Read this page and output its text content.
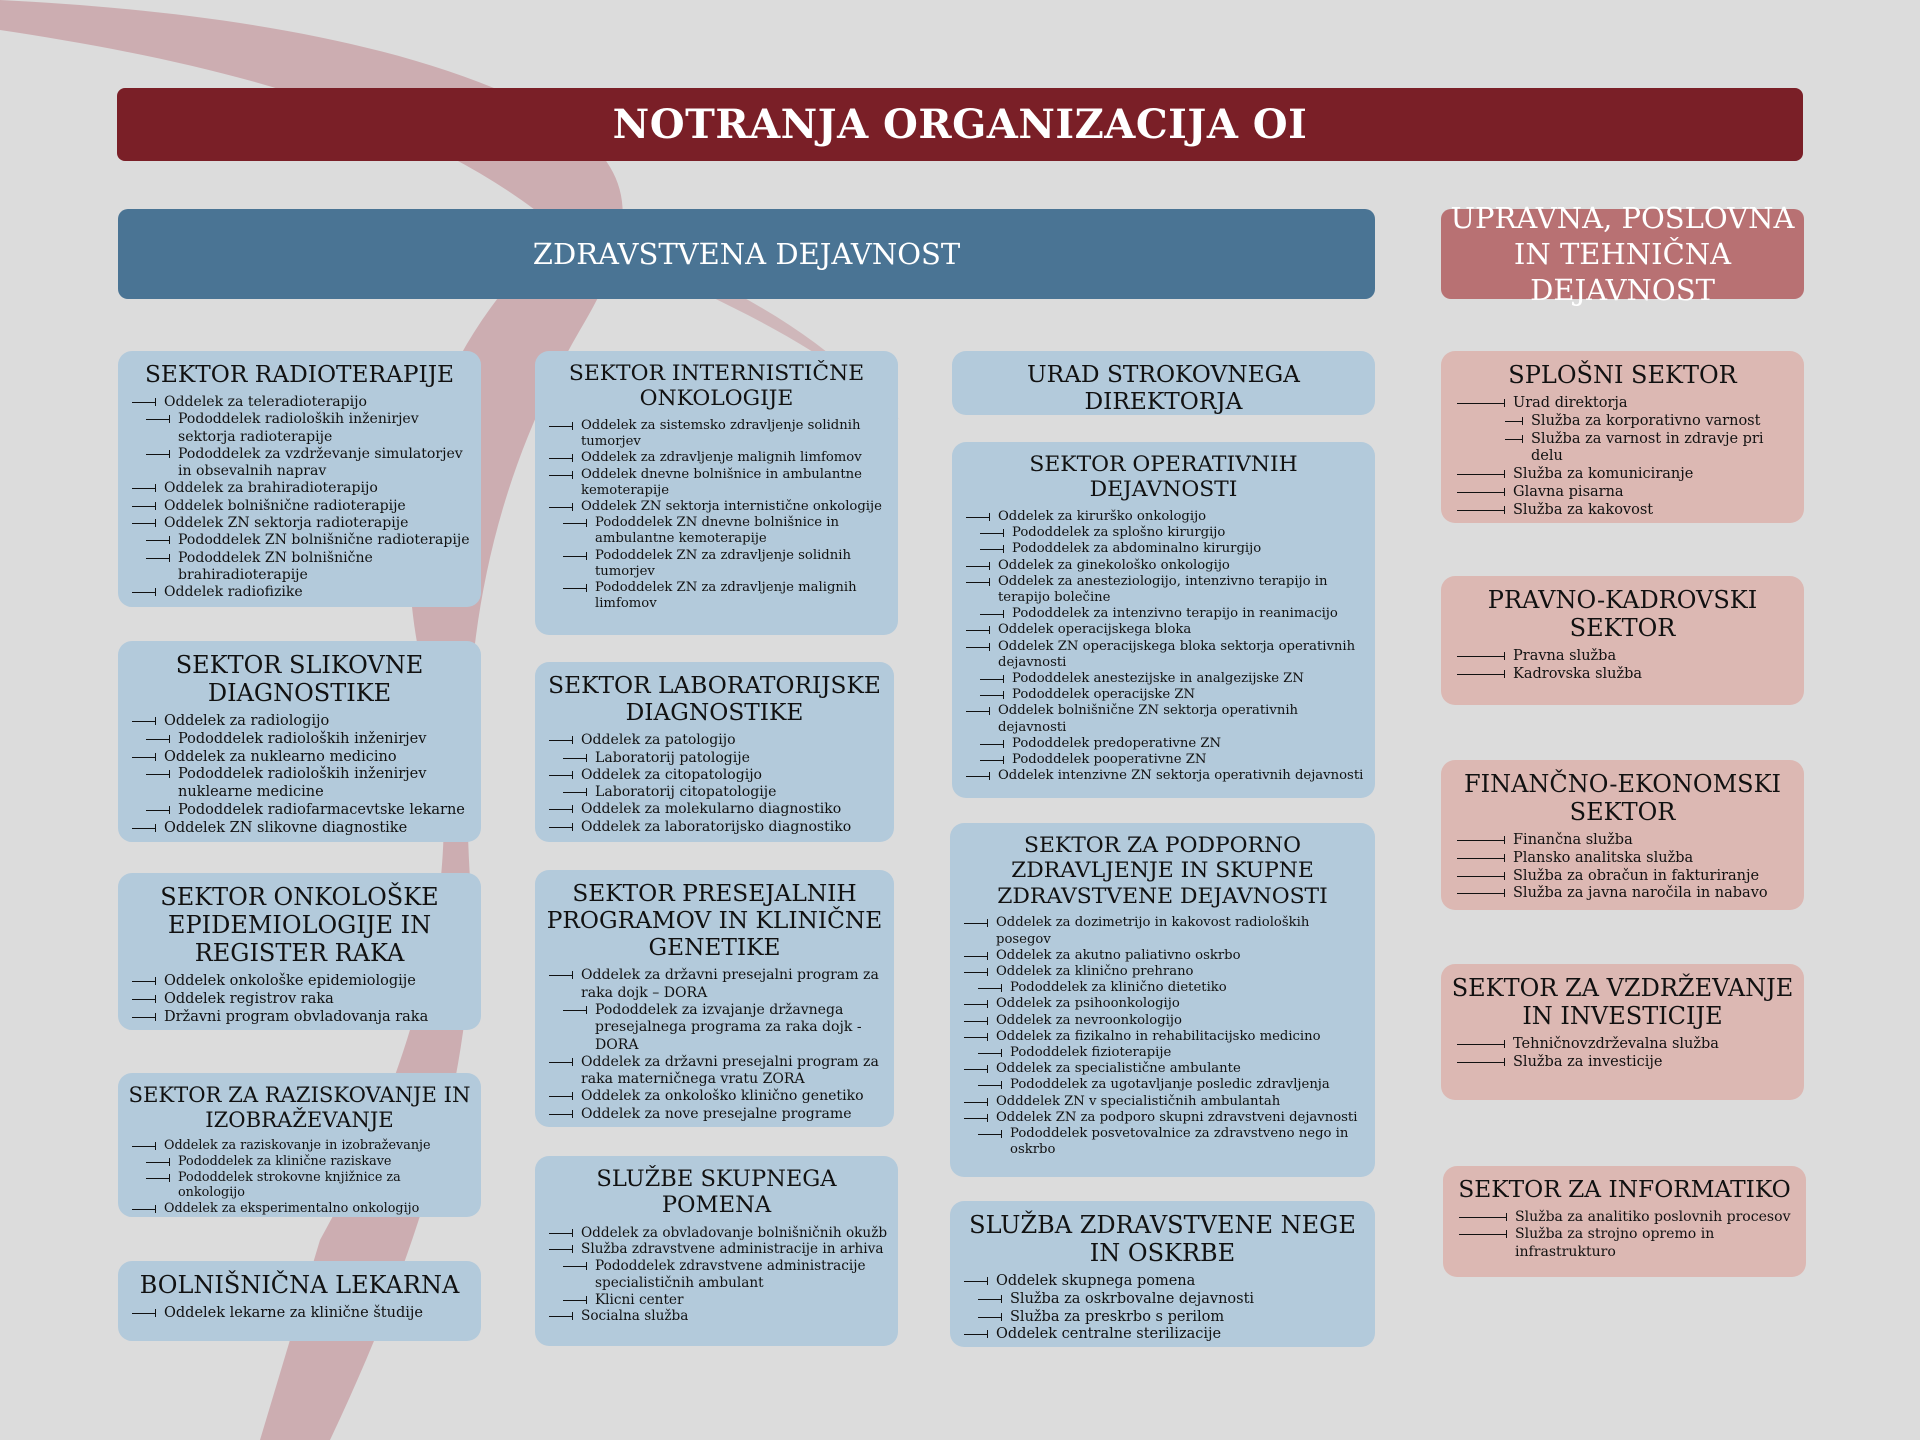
NOTRANJA ORGANIZACIJA OI
ZDRAVSTVENA DEJAVNOST
UPRAVNA, POSLOVNA IN TEHNIČNA DEJAVNOST
SEKTOR RADIOTERAPIJE
Oddelek za teleradioterapijo
Pododdelek radioloških inženirjev sektorja radioterapije
Pododdelek za vzdrževanje simulatorjev in obsevalnih naprav
Oddelek za brahiradioterapijo
Oddelek bolnišnične radioterapije
Oddelek ZN sektorja radioterapije
Pododdelek ZN bolnišnične radioterapije
Pododdelek ZN bolnišnične brahiradioterapije
Oddelek radiofizike
SEKTOR SLIKOVNE DIAGNOSTIKE
Oddelek za radiologijo
Pododdelek radioloških inženirjev
Oddelek za nuklearno medicino
Pododdelek radioloških inženirjev nuklearne medicine
Pododdelek radiofarmacevtske lekarne
Oddelek ZN slikovne diagnostike
SEKTOR ONKOLOŠKE EPIDEMIOLOGIJE IN REGISTER RAKA
Oddelek onkološke epidemiologije
Oddelek registrov raka
Državni program obvladovanja raka
SEKTOR ZA RAZISKOVANJE IN IZOBRAŽEVANJE
Oddelek za raziskovanje in izobraževanje
Pododdelek za klinične raziskave
Pododdelek strokovne knjižnice za onkologijo
Oddelek za eksperimentalno onkologijo
BOLNIŠNIČNA LEKARNA
Oddelek lekarne za klinične študije
SEKTOR INTERNISTIČNE ONKOLOGIJE
Oddelek za sistemsko zdravljenje solidnih tumorjev
Oddelek za zdravljenje malignih limfomov
Oddelek dnevne bolnišnice in ambulantne kemoterapije
Oddelek ZN sektorja internistične onkologije
Pododdelek ZN dnevne bolnišnice in ambulantne kemoterapije
Pododdelek ZN za zdravljenje solidnih tumorjev
Pododdelek ZN za zdravljenje malignih limfomov
SEKTOR LABORATORIJSKE DIAGNOSTIKE
Oddelek za patologijo
Laboratorij patologije
Oddelek za citopatologijo
Laboratorij citopatologije
Oddelek za molekularno diagnostiko
Oddelek za laboratorijsko diagnostiko
SEKTOR PRESEJALNIH PROGRAMOV IN KLINIČNE GENETIKE
Oddelek za državni presejalni program za raka dojk – DORA
Pododdelek za izvajanje državnega presejalnega programa za raka dojk - DORA
Oddelek za državni presejalni program za raka materničnega vratu ZORA
Oddelek za onkološko klinično genetiko
Oddelek za nove presejalne programe
SLUŽBE SKUPNEGA POMENA
Oddelek za obvladovanje bolnišničnih okužb
Služba zdravstvene administracije in arhiva
Pododdelek zdravstvene administracije specialističnih ambulant
Klicni center
Socialna služba
URAD STROKOVNEGA DIREKTORJA
SEKTOR OPERATIVNIH DEJAVNOSTI
Oddelek za kirurško onkologijo
Pododdelek za splošno kirurgijo
Pododdelek za abdominalno kirurgijo
Oddelek za ginekološko onkologijo
Oddelek za anesteziologijo, intenzivno terapijo in terapijo bolečine
Pododdelek za intenzivno terapijo in reanimacijo
Oddelek operacijskega bloka
Oddelek ZN operacijskega bloka sektorja operativnih dejavnosti
Pododdelek anestezijske in analgezijske ZN
Pododdelek operacijske ZN
Oddelek bolnišnične ZN sektorja operativnih dejavnosti
Pododdelek predoperativne ZN
Pododdelek pooperativne ZN
Oddelek intenzivne ZN sektorja operativnih dejavnosti
SEKTOR ZA PODPORNO ZDRAVLJENJE IN SKUPNE ZDRAVSTVENE DEJAVNOSTI
Oddelek za dozimetrijo in kakovost radioloških posegov
Oddelek za akutno paliativno oskrbo
Oddelek za klinično prehrano
Pododdelek za klinično dietetiko
Oddelek za psihoonkologijo
Oddelek za nevroonkologijo
Oddelek za fizikalno in rehabilitacijsko medicino
Pododdelek fizioterapije
Oddelek za specialistične ambulante
Pododdelek za ugotavljanje posledic zdravljenja
Odddelek ZN v specialističnih ambulantah
Oddelek ZN za podporo skupni zdravstveni dejavnosti
Pododdelek posvetovalnice za zdravstveno nego in oskrbo
SLUŽBA ZDRAVSTVENE NEGE IN OSKRBE
Oddelek skupnega pomena
Služba za oskrbovalne dejavnosti
Služba za preskrbo s perilom
Oddelek centralne sterilizacije
SPLOŠNI SEKTOR
Urad direktorja
Služba za korporativno varnost
Služba za varnost in zdravje pri delu
Služba za komuniciranje
Glavna pisarna
Služba za kakovost
PRAVNO-KADROVSKI SEKTOR
Pravna služba
Kadrovska služba
FINANČNO-EKONOMSKI SEKTOR
Finančna služba
Plansko analitska služba
Služba za obračun in fakturiranje
Služba za javna naročila in nabavo
SEKTOR ZA VZDRŽEVANJE IN INVESTICIJE
Tehničnovzdrževalna služba
Služba za investicije
SEKTOR ZA INFORMATIKO
Služba za analitiko poslovnih procesov
Služba za strojno opremo in infrastrukturo
